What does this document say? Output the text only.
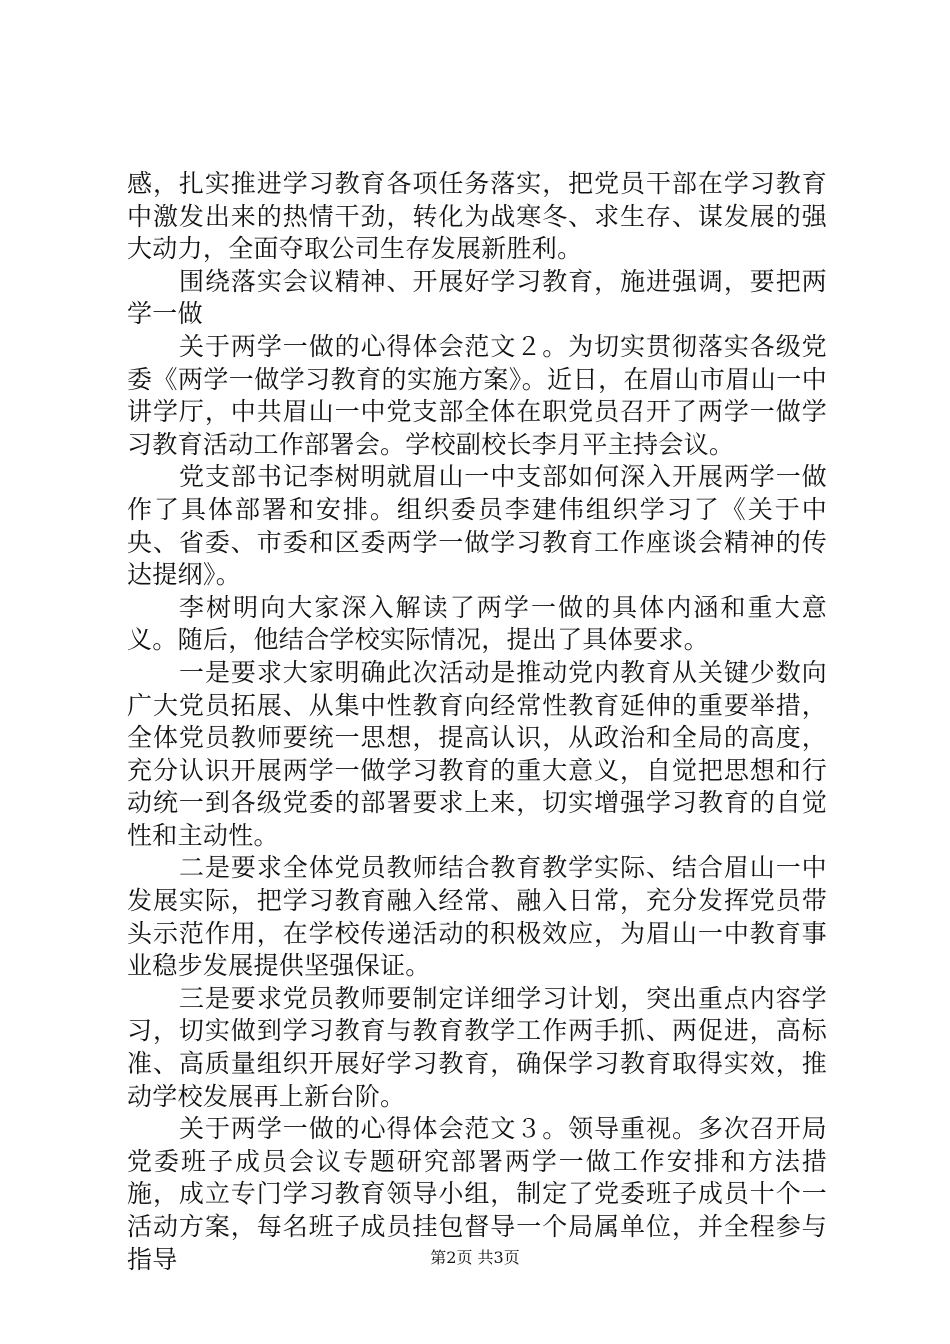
感，扎实推进学习教育各项任务落实，把党员干部在学习教育中激发出来的热情干劲，转化为战寒冬、求生存、谋发展的强大动力，全面夺取公司生存发展新胜利。

围绕落实会议精神、开展好学习教育，施进强调，要把两学一做

关于两学一做的心得体会范文２。为切实贯彻落实各级党委《两学一做学习教育的实施方案》。近日，在眉山市眉山一中讲学厅，中共眉山一中党支部全体在职党员召开了两学一做学习教育活动工作部署会。学校副校长李月平主持会议。

党支部书记李树明就眉山一中支部如何深入开展两学一做作了具体部署和安排。组织委员李建伟组织学习了《关于中央、省委、市委和区委两学一做学习教育工作座谈会精神的传达提纲》。

李树明向大家深入解读了两学一做的具体内涵和重大意义。随后，他结合学校实际情况，提出了具体要求。

一是要求大家明确此次活动是推动党内教育从关键少数向广大党员拓展、从集中性教育向经常性教育延伸的重要举措，全体党员教师要统一思想，提高认识，从政治和全局的高度，充分认识开展两学一做学习教育的重大意义，自觉把思想和行动统一到各级党委的部署要求上来，切实增强学习教育的自觉性和主动性。

二是要求全体党员教师结合教育教学实际、结合眉山一中发展实际，把学习教育融入经常、融入日常，充分发挥党员带头示范作用，在学校传递活动的积极效应，为眉山一中教育事业稳步发展提供坚强保证。

三是要求党员教师要制定详细学习计划，突出重点内容学习，切实做到学习教育与教育教学工作两手抓、两促进，高标准、高质量组织开展好学习教育，确保学习教育取得实效，推动学校发展再上新台阶。

关于两学一做的心得体会范文３。领导重视。多次召开局党委班子成员会议专题研究部署两学一做工作安排和方法措施，成立专门学习教育领导小组，制定了党委班子成员十个一活动方案，每名班子成员挂包督导一个局属单位，并全程参与指导	第2页 共3页
